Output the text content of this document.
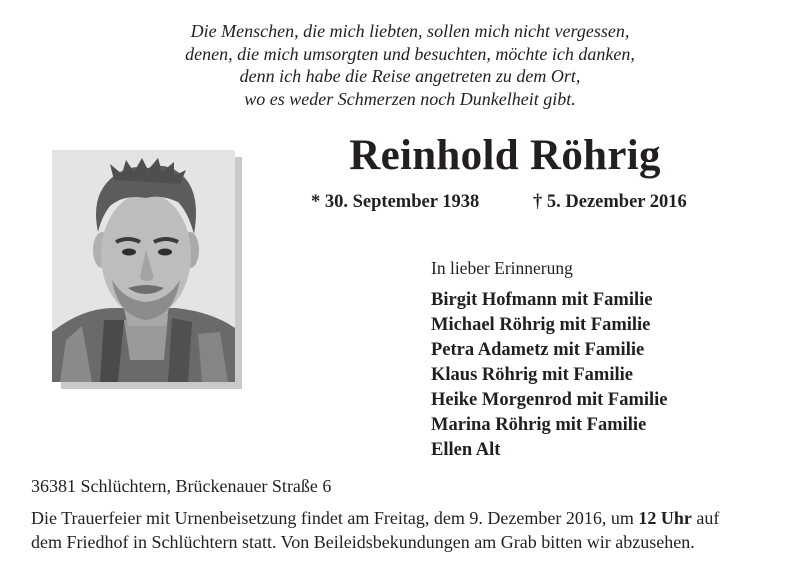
Die Menschen, die mich liebten, sollen mich nicht vergessen,
denen, die mich umsorgten und besuchten, möchte ich danken,
denn ich habe die Reise angetreten zu dem Ort,
wo es weder Schmerzen noch Dunkelheit gibt.
Reinhold Röhrig
* 30. September 1938	† 5. Dezember 2016
In lieber Erinnerung
Birgit Hofmann mit Familie
Michael Röhrig mit Familie
Petra Adametz mit Familie
Klaus Röhrig mit Familie
Heike Morgenrod mit Familie
Marina Röhrig mit Familie
Ellen Alt
36381 Schlüchtern, Brückenauer Straße 6
Die Trauerfeier mit Urnenbeisetzung findet am Freitag, dem 9. Dezember 2016, um 12 Uhr auf
dem Friedhof in Schlüchtern statt. Von Beileidsbekundungen am Grab bitten wir abzusehen.
